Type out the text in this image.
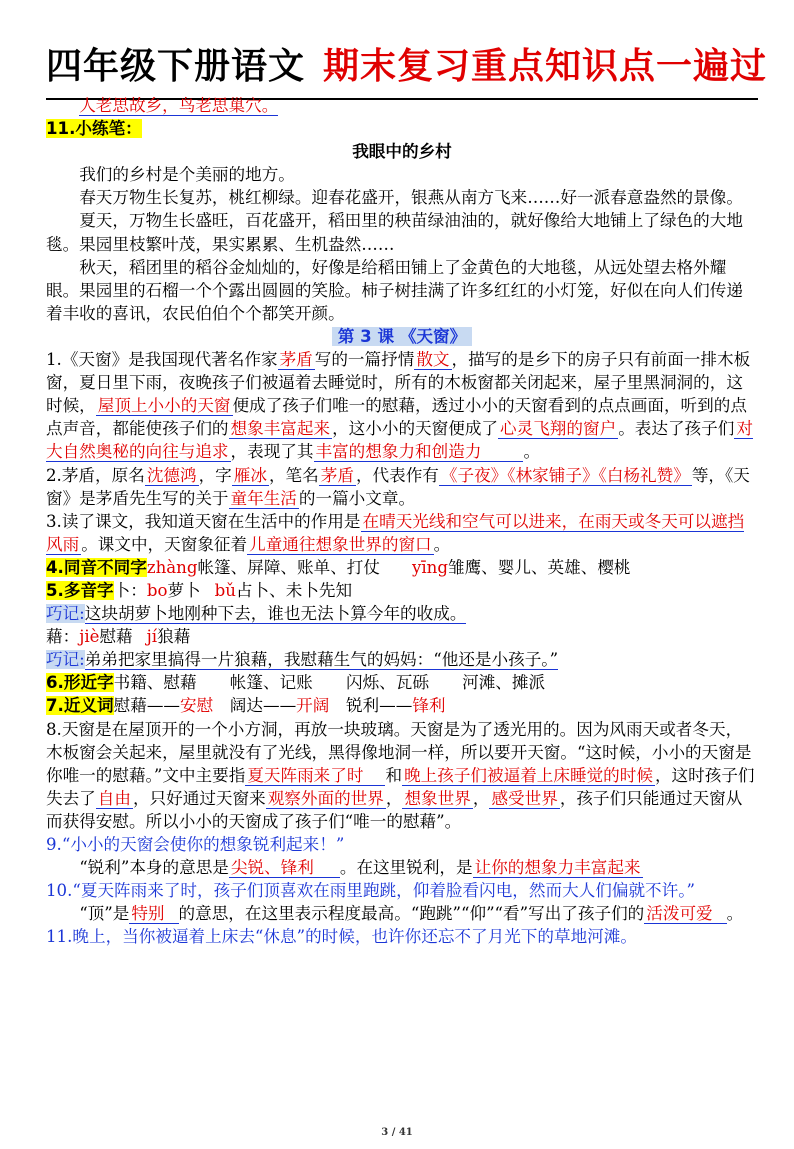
四年级下册语文 期末复习重点知识点一遍过

人老思故乡，鸟老思巢穴。

11.小练笔：

我眼中的乡村

我们的乡村是个美丽的地方。

春天万物生长复苏，桃红柳绿。迎春花盛开，银燕从南方飞来……好一派春意盎然的景像。

夏天，万物生长盛旺，百花盛开，稻田里的秧苗绿油油的，就好像给大地铺上了绿色的大地毯。果园里枝繁叶茂，果实累累、生机盎然……

秋天，稻团里的稻谷金灿灿的，好像是给稻田铺上了金黄色的大地毯，从远处望去格外耀眼。果园里的石榴一个个露出圆圆的笑脸。柿子树挂满了许多红红的小灯笼，好似在向人们传递着丰收的喜讯，农民伯伯个个都笑开颜。

第 3 课 《天窗》

1.《天窗》是我国现代著名作家 茅盾 写的一篇抒情 散文 ，描写的是乡下的房子只有前面一排木板窗，夏日里下雨，夜晚孩子们被逼着去睡觉时，所有的木板窗都关闭起来，屋子里黑洞洞的，这时候， 屋顶上小小的天窗 便成了孩子们唯一的慰藉，透过小小的天窗看到的点点画面，听到的点点声音，都能使孩子们的 想象丰富起来 ，这小小的天窗便成了 心灵飞翔的窗户 。表达了孩子们 对大自然奥秘的向往与追求 ，表现了其 丰富的想象力和创造力	。

2.茅盾，原名 沈德鸿 ，字 雁冰 ，笔名 茅盾 ，代表作有 《子夜》《林家铺子》《白杨礼赞》 等，《天窗》是茅盾先生写的关于 童年生活 的一篇小文章。

3.读了课文，我知道天窗在生活中的作用是 在晴天光线和空气可以进来，在雨天或冬天可以遮挡风雨 。课文中，天窗象征着 儿童通往想象世界的窗口 。

4.同音不同字zhàng帐篷、屏障、账单、打仗 yīng雏鹰、婴儿、英雄、樱桃

5.多音字卜：bo萝卜 bǔ占卜、未卜先知

巧记:这块胡萝卜地刚种下去，谁也无法卜算今年的收成。

藉：jiè慰藉 jí狼藉

巧记:弟弟把家里搞得一片狼藉，我慰藉生气的妈妈：“他还是小孩子。”

6.形近字书籍、慰藉　　帐篷、记账　　闪烁、瓦砾　　河滩、摊派

7.近义词慰藉——安慰　阔达——开阔　锐利——锋利

8.天窗是在屋顶开的一个小方洞，再放一块玻璃。天窗是为了透光用的。因为风雨天或者冬天，木板窗会关起来，屋里就没有了光线，黑得像地洞一样，所以要开天窗。“这时候，小小的天窗是你唯一的慰藉。”文中主要指 夏天阵雨来了时 和 晚上孩子们被逼着上床睡觉的时候 ，这时孩子们失去了 自由 ，只好通过天窗来 观察外面的世界 ， 想象世界 ， 感受世界 ，孩子们只能通过天窗从而获得安慰。所以小小的天窗成了孩子们“唯一的慰藉”。

9.“小小的天窗会使你的想象锐利起来！”

“锐利”本身的意思是 尖锐、锋利 。在这里锐利，是 让你的想象力丰富起来

10.“夏天阵雨来了时，孩子们顶喜欢在雨里跑跳，仰着脸看闪电，然而大人们偏就不许。”

“顶”是 特别 的意思，在这里表示程度最高。“跑跳”“仰”“看”写出了孩子们的 活泼可爱 。

11.晚上，当你被逼着上床去“休息”的时候，也许你还忘不了月光下的草地河滩。

3 / 41
